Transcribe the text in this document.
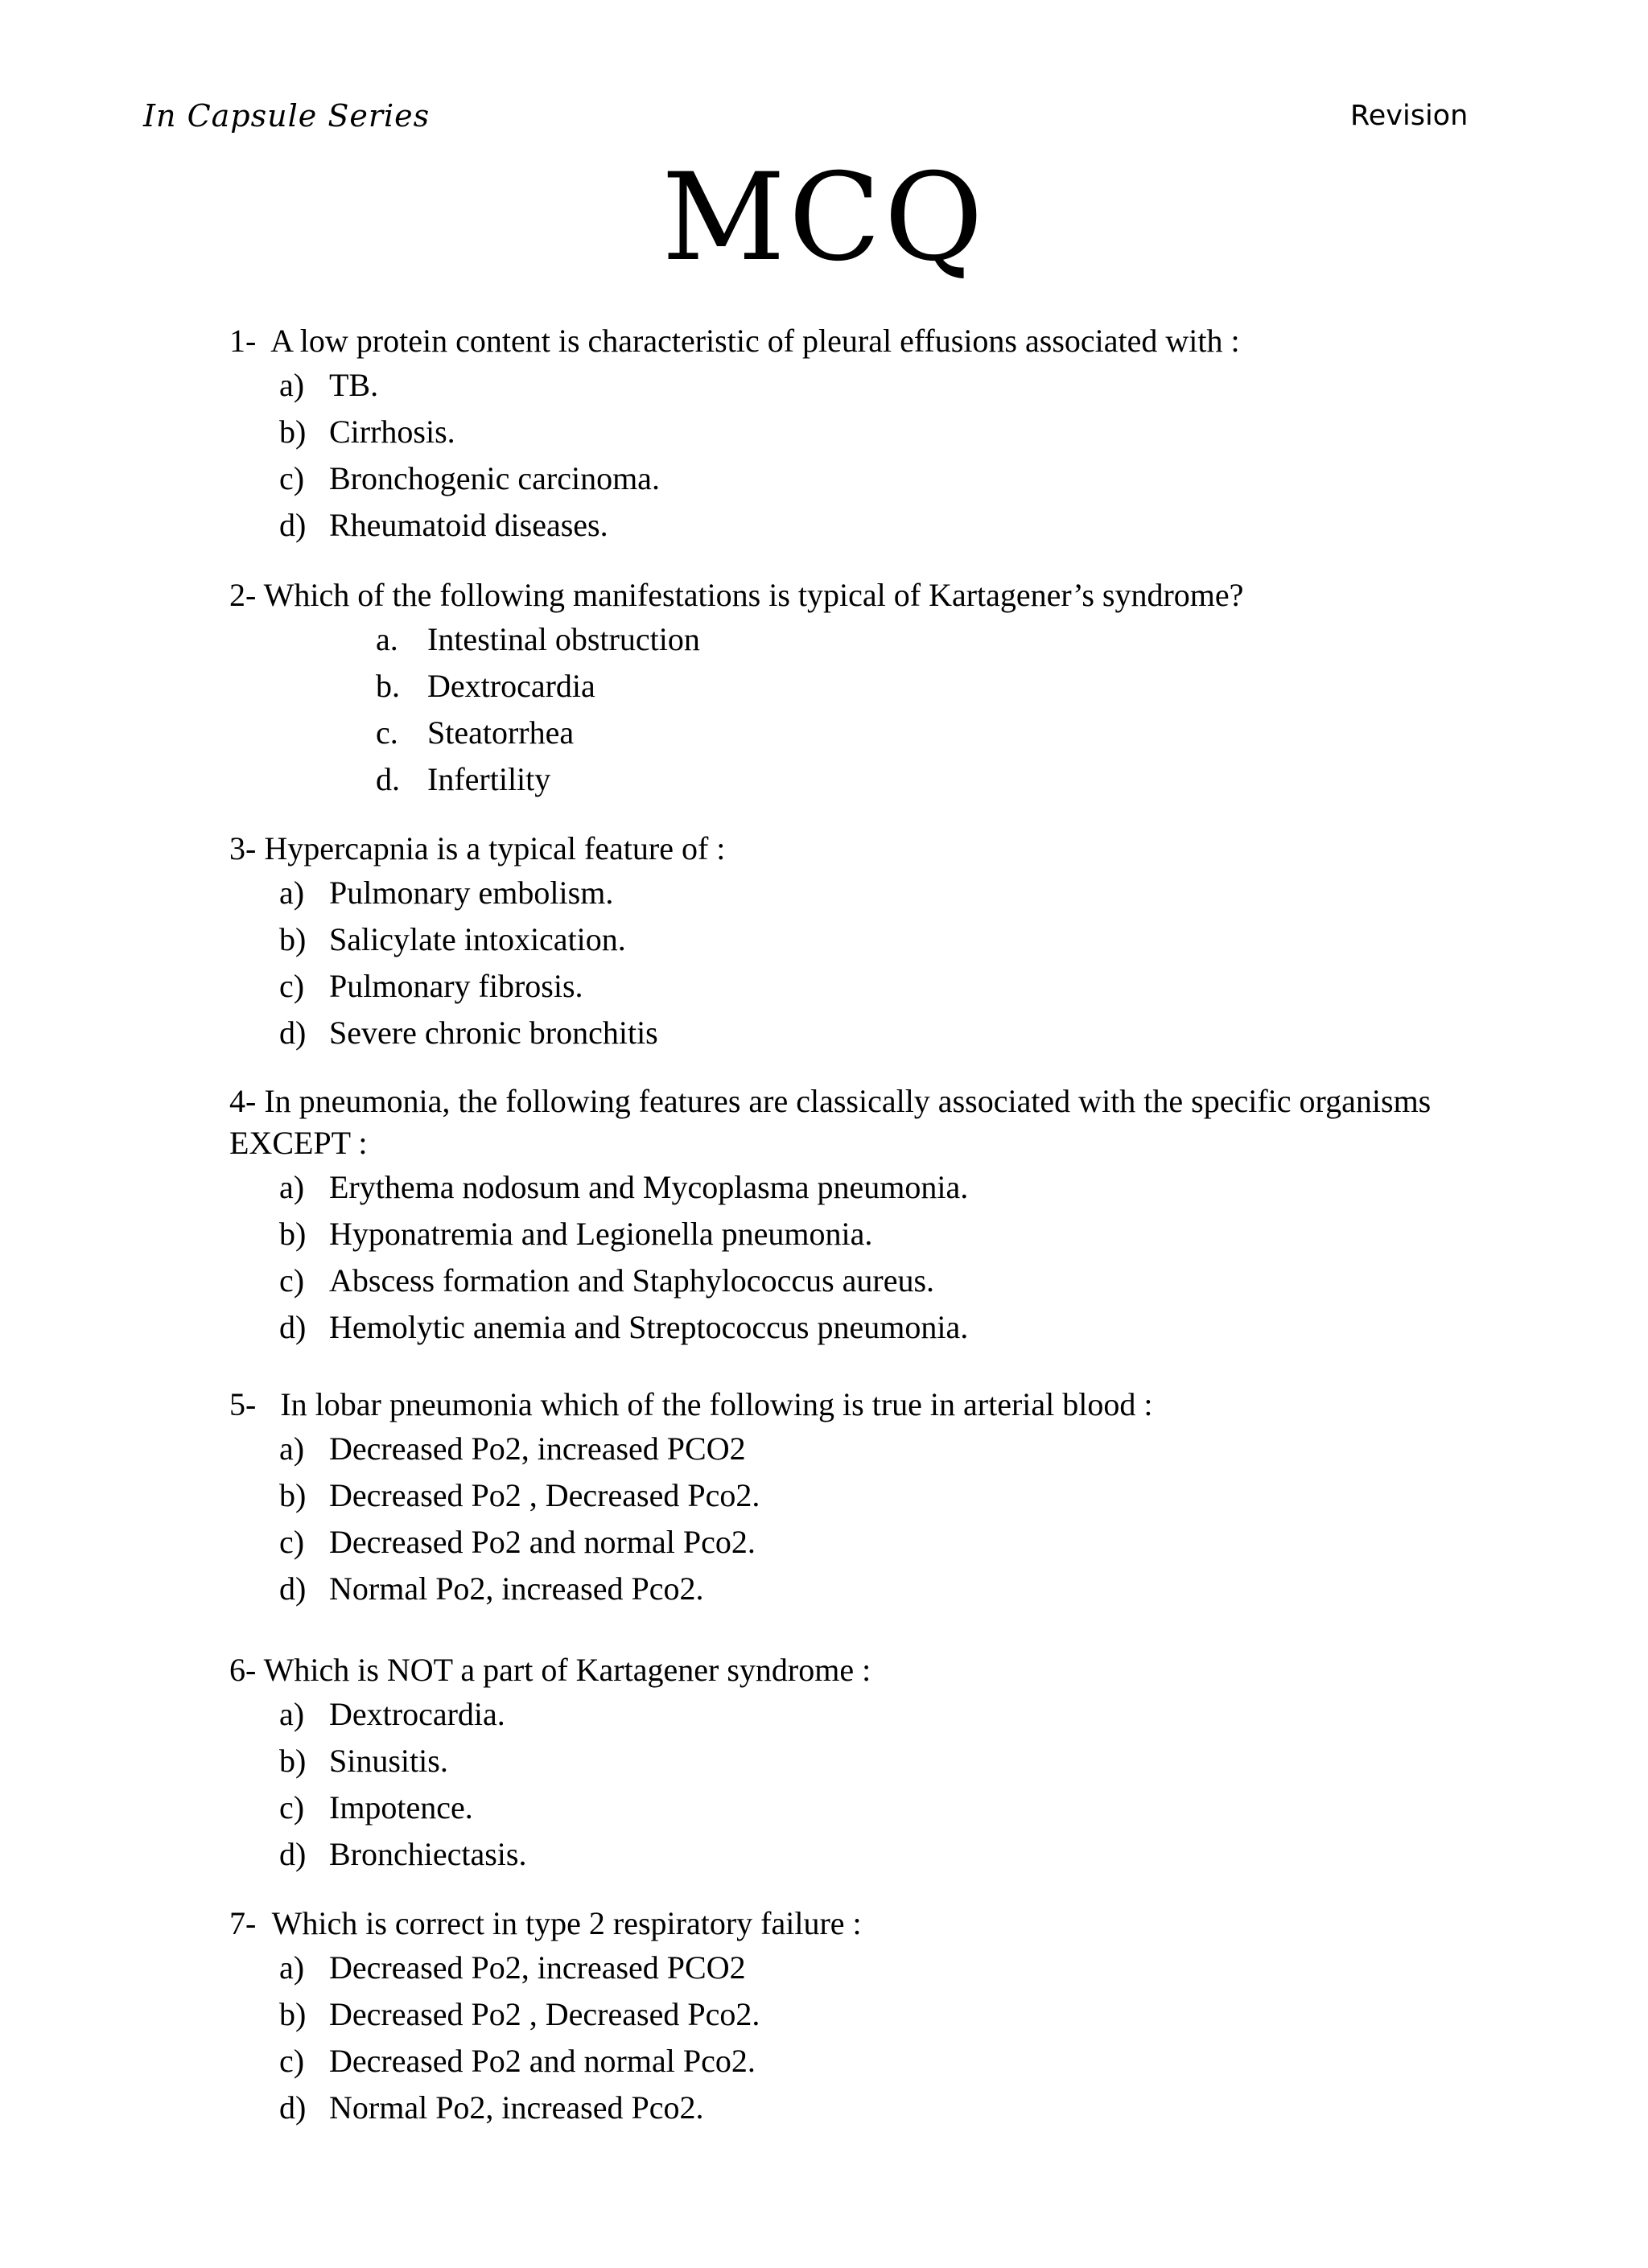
In Capsule Series	Revision
MCQ

1- A low protein content is characteristic of pleural effusions associated with :

a) TB.
b) Cirrhosis.
c) Bronchogenic carcinoma.
d) Rheumatoid diseases.

2- Which of the following manifestations is typical of Kartagener’s syndrome?

a. Intestinal obstruction
b. Dextrocardia
c. Steatorrhea
d. Infertility

3- Hypercapnia is a typical feature of :

a) Pulmonary embolism.
b) Salicylate intoxication.
c) Pulmonary fibrosis.
d) Severe chronic bronchitis

4- In pneumonia, the following features are classically associated with the specific organisms EXCEPT :

a) Erythema nodosum and Mycoplasma pneumonia.
b) Hyponatremia and Legionella pneumonia.
c) Abscess formation and Staphylococcus aureus.
d) Hemolytic anemia and Streptococcus pneumonia.

5- In lobar pneumonia which of the following is true in arterial blood :

a) Decreased Po2, increased PCO2
b) Decreased Po2 , Decreased Pco2.
c) Decreased Po2 and normal Pco2.
d) Normal Po2, increased Pco2.

6- Which is NOT a part of Kartagener syndrome :

a) Dextrocardia.
b) Sinusitis.
c) Impotence.
d) Bronchiectasis.

7- Which is correct in type 2 respiratory failure :

a) Decreased Po2, increased PCO2
b) Decreased Po2 , Decreased Pco2.
c) Decreased Po2 and normal Pco2.
d) Normal Po2, increased Pco2.
